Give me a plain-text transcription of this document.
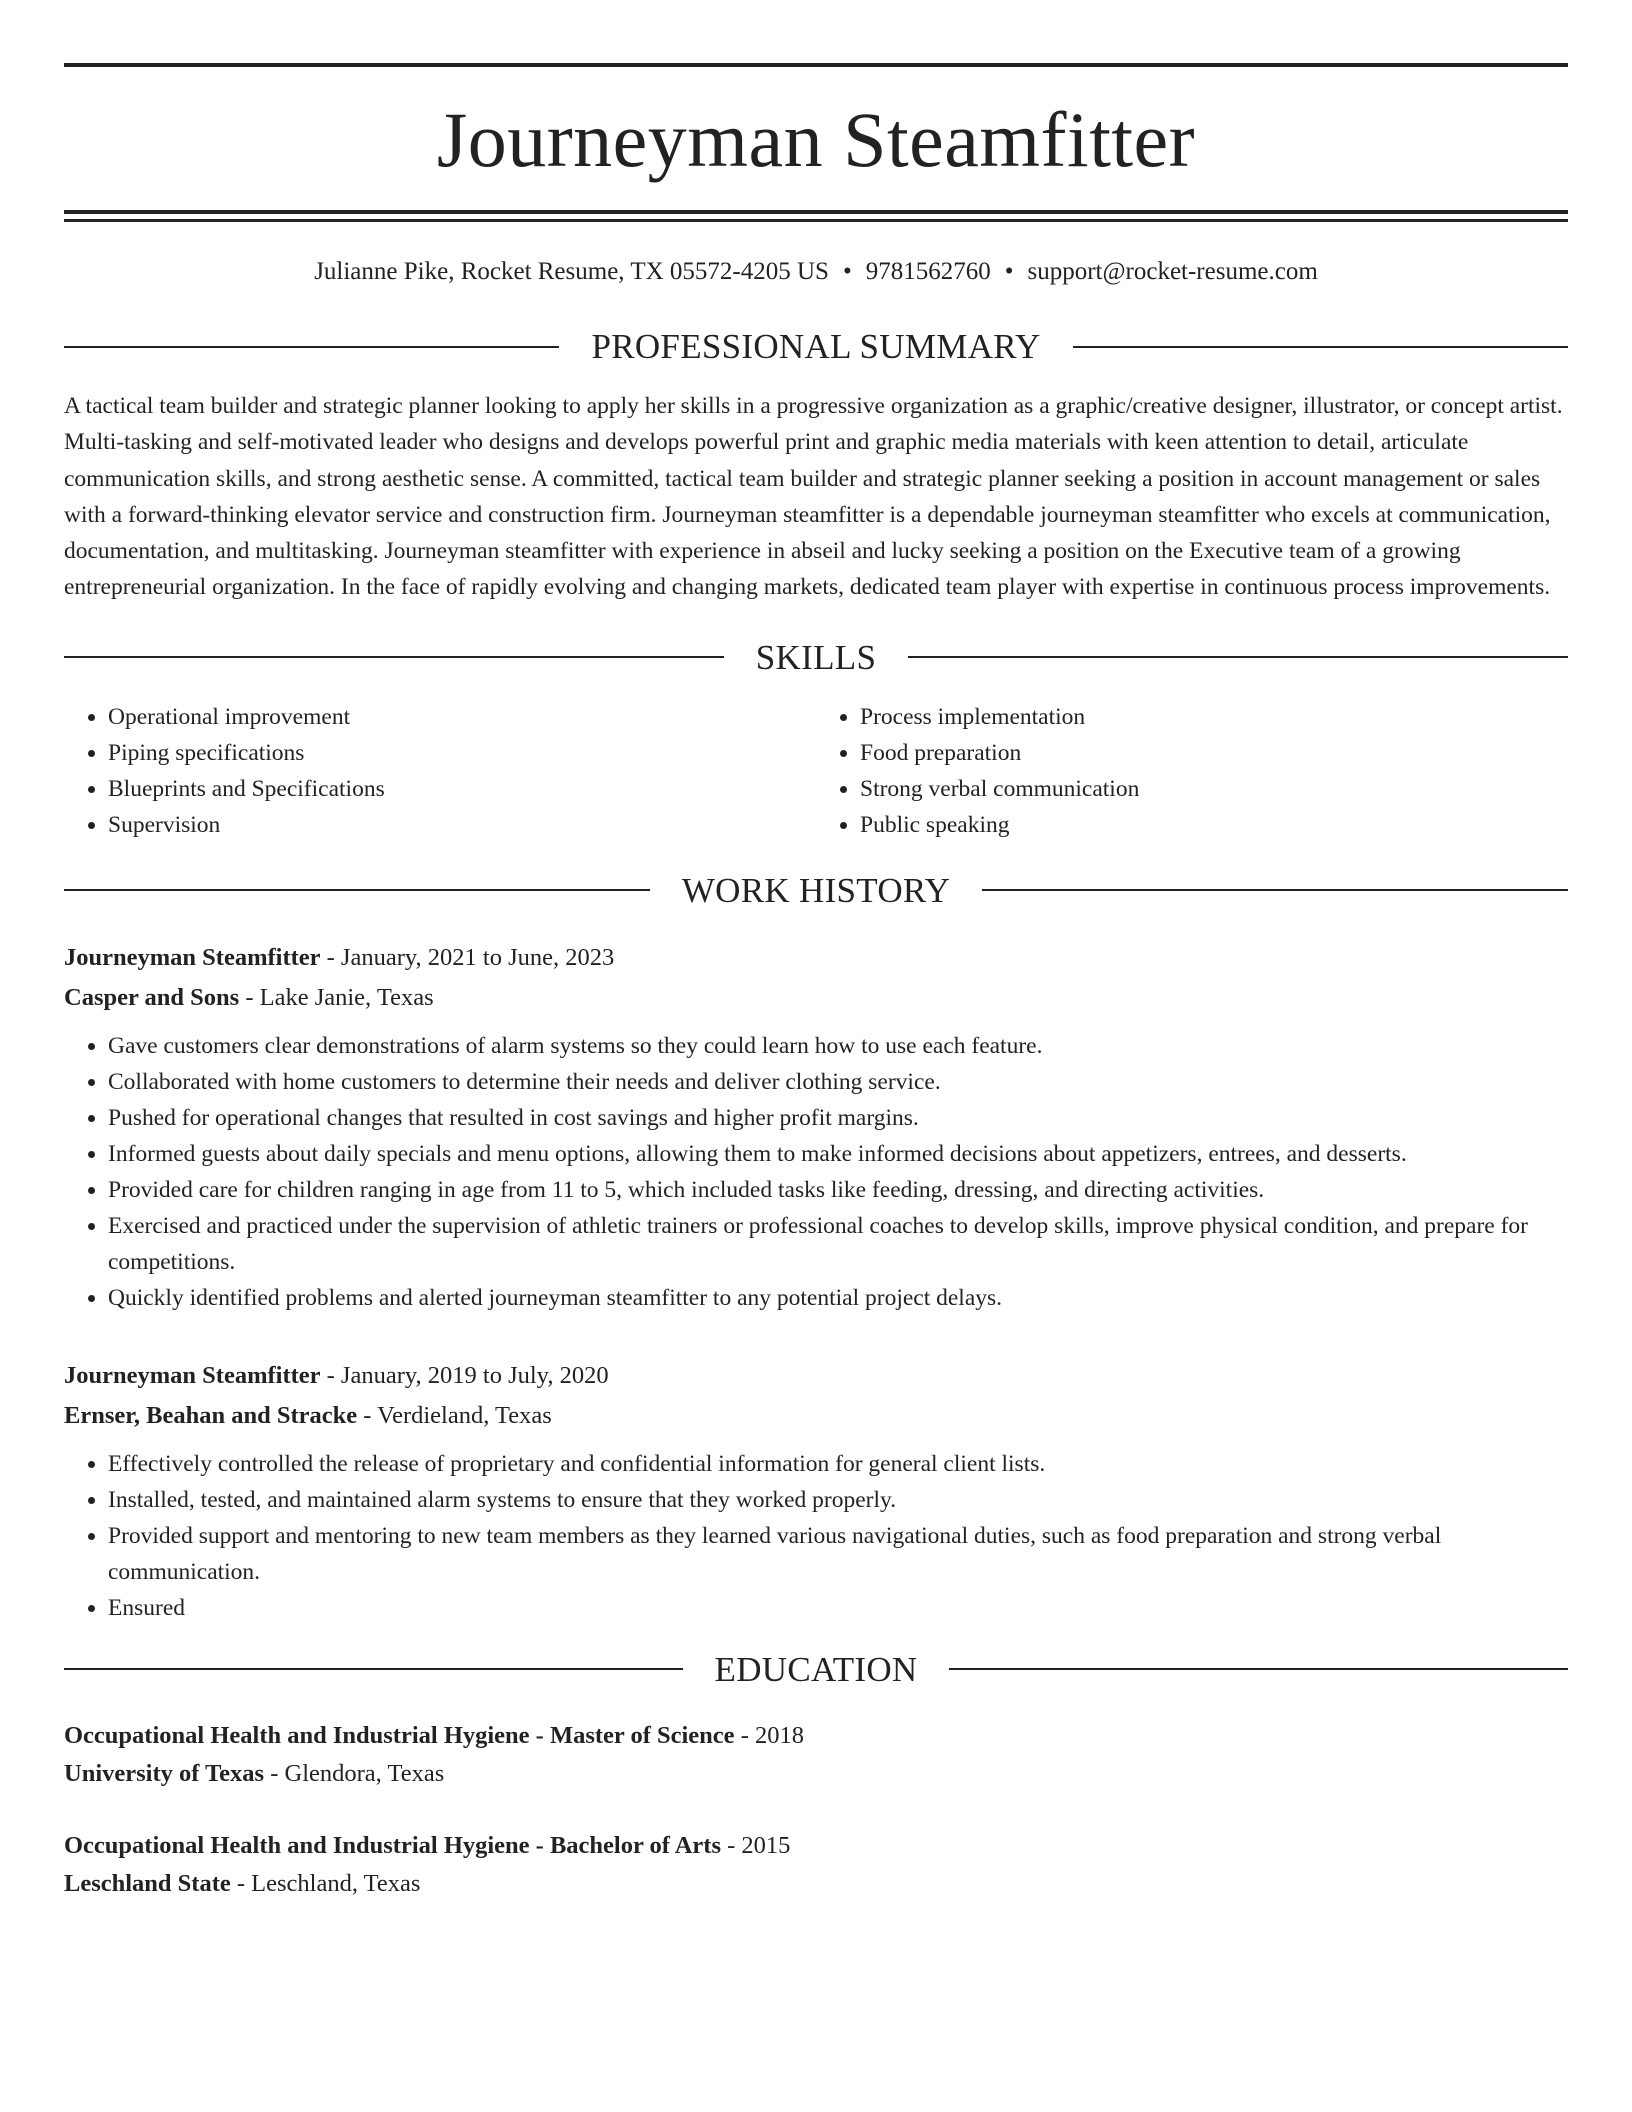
Journeyman Steamfitter
Julianne Pike, Rocket Resume, TX 05572-4205 US • 9781562760 • support@rocket-resume.com
PROFESSIONAL SUMMARY

A tactical team builder and strategic planner looking to apply her skills in a progressive organization as a graphic/creative designer, illustrator, or concept artist. Multi-tasking and self-motivated leader who designs and develops powerful print and graphic media materials with keen attention to detail, articulate communication skills, and strong aesthetic sense. A committed, tactical team builder and strategic planner seeking a position in account management or sales with a forward-thinking elevator service and construction firm. Journeyman steamfitter is a dependable journeyman steamfitter who excels at communication, documentation, and multitasking. Journeyman steamfitter with experience in abseil and lucky seeking a position on the Executive team of a growing entrepreneurial organization. In the face of rapidly evolving and changing markets, dedicated team player with expertise in continuous process improvements.

SKILLS
• Operational improvement
• Piping specifications
• Blueprints and Specifications
• Supervision
• Process implementation
• Food preparation
• Strong verbal communication
• Public speaking
WORK HISTORY
Journeyman Steamfitter - January, 2021 to June, 2023
Casper and Sons - Lake Janie, Texas
• Gave customers clear demonstrations of alarm systems so they could learn how to use each feature.
• Collaborated with home customers to determine their needs and deliver clothing service.
• Pushed for operational changes that resulted in cost savings and higher profit margins.
• Informed guests about daily specials and menu options, allowing them to make informed decisions about appetizers, entrees, and desserts.
• Provided care for children ranging in age from 11 to 5, which included tasks like feeding, dressing, and directing activities.
• Exercised and practiced under the supervision of athletic trainers or professional coaches to develop skills, improve physical condition, and prepare for competitions.
• Quickly identified problems and alerted journeyman steamfitter to any potential project delays.
Journeyman Steamfitter - January, 2019 to July, 2020
Ernser, Beahan and Stracke - Verdieland, Texas
• Effectively controlled the release of proprietary and confidential information for general client lists.
• Installed, tested, and maintained alarm systems to ensure that they worked properly.
• Provided support and mentoring to new team members as they learned various navigational duties, such as food preparation and strong verbal communication.
• Ensured
EDUCATION
Occupational Health and Industrial Hygiene - Master of Science - 2018
University of Texas - Glendora, Texas
Occupational Health and Industrial Hygiene - Bachelor of Arts - 2015
Leschland State - Leschland, Texas
